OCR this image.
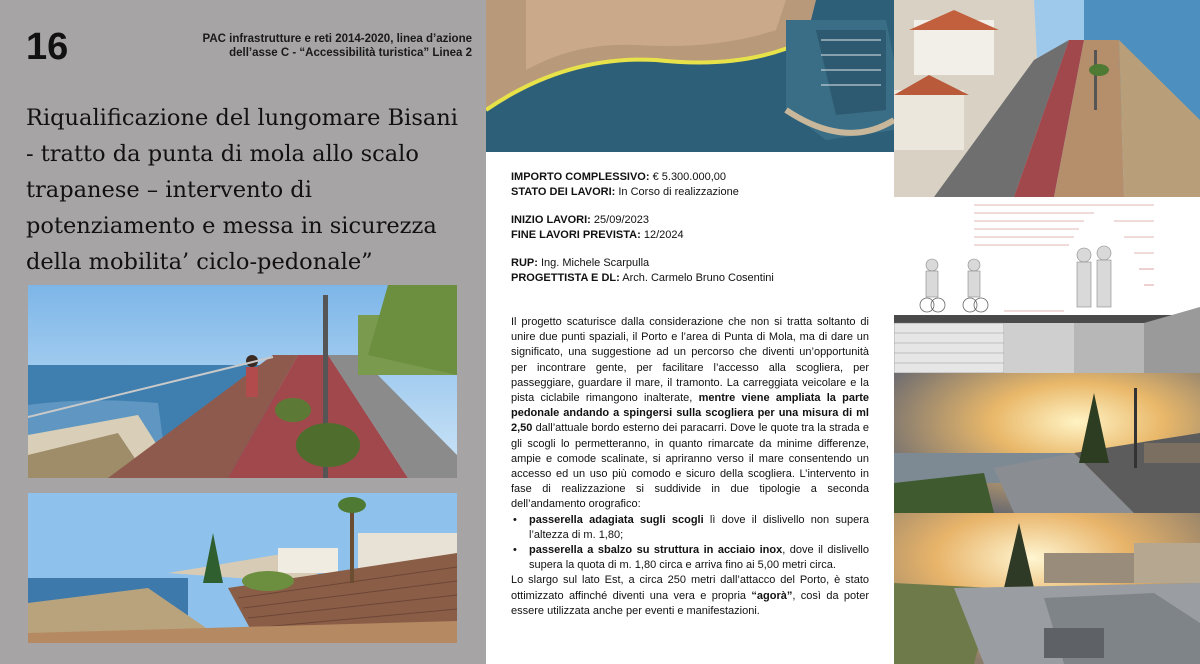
16	PAC infrastrutture e reti 2014-2020, linea d’azione
dell’asse C - “Accessibilità turistica” Linea 2
Riqualificazione del lungomare Bisani - tratto da punta di mola allo scalo trapanese – intervento di potenziamento e messa in sicurezza della mobilita’ ciclo-pedonale”
IMPORTO COMPLESSIVO: € 5.300.000,00
STATO DEI LAVORI: In Corso di realizzazione
INIZIO LAVORI: 25/09/2023
FINE LAVORI PREVISTA: 12/2024
RUP: Ing. Michele Scarpulla
PROGETTISTA E DL: Arch. Carmelo Bruno Cosentini

Il progetto scaturisce dalla considerazione che non si tratta soltanto di unire due punti spaziali, il Porto e l’area di Punta di Mola, ma di dare un significato, una suggestione ad un percorso che diventi un’opportunità per incontrare gente, per facilitare l’accesso alla scogliera, per passeggiare, guardare il mare, il tramonto. La carreggiata veicolare e la pista ciclabile rimangono inalterate, mentre viene ampliata la parte pedonale andando a spingersi sulla scogliera per una misura di ml 2,50 dall’attuale bordo esterno dei paracarri. Dove le quote tra la strada e gli scogli lo permetteranno, in quanto rimarcate da minime differenze, ampie e comode scalinate, si apriranno verso il mare consentendo un accesso ed un uso più comodo e sicuro della scogliera. L’intervento in fase di realizzazione si suddivide in due tipologie a seconda dell’andamento orografico:

• passerella adagiata sugli scogli lì dove il dislivello non supera l’altezza di m. 1,80;
• passerella a sbalzo su struttura in acciaio inox, dove il dislivello supera la quota di m. 1,80 circa e arriva fino ai 5,00 metri circa.

Lo slargo sul lato Est, a circa 250 metri dall’attacco del Porto, è stato ottimizzato affinché diventi una vera e propria “agorà”, così da poter essere utilizzata anche per eventi e manifestazioni.
